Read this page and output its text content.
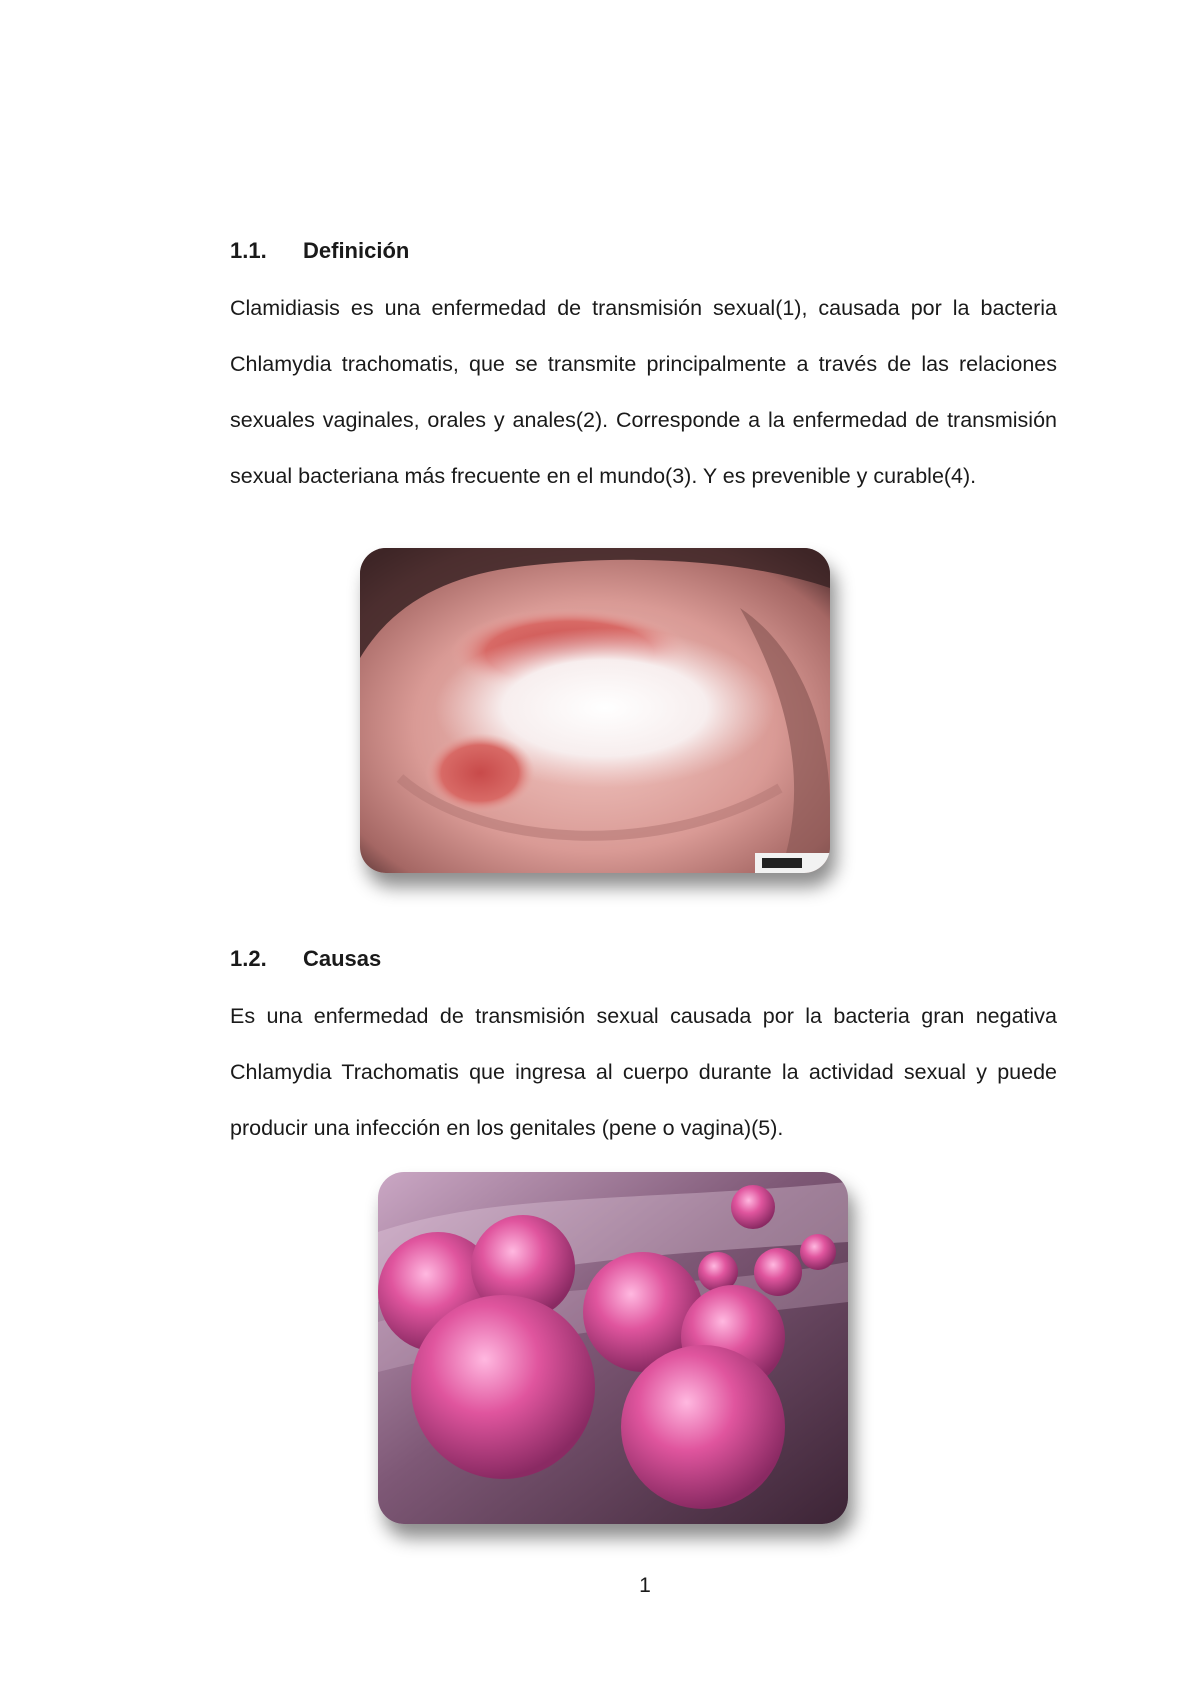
1.1.	Definición

Clamidiasis es una enfermedad de transmisión sexual(1), causada por la bacteria Chlamydia trachomatis, que se transmite principalmente a través de las relaciones sexuales vaginales, orales y anales(2). Corresponde a la enfermedad de transmisión sexual bacteriana más frecuente en el mundo(3). Y es prevenible y curable(4).

1.2.	Causas

Es una enfermedad de transmisión sexual causada por la bacteria gran negativa Chlamydia Trachomatis que ingresa al cuerpo durante la actividad sexual y puede producir una infección en los genitales (pene o vagina)(5).

1
